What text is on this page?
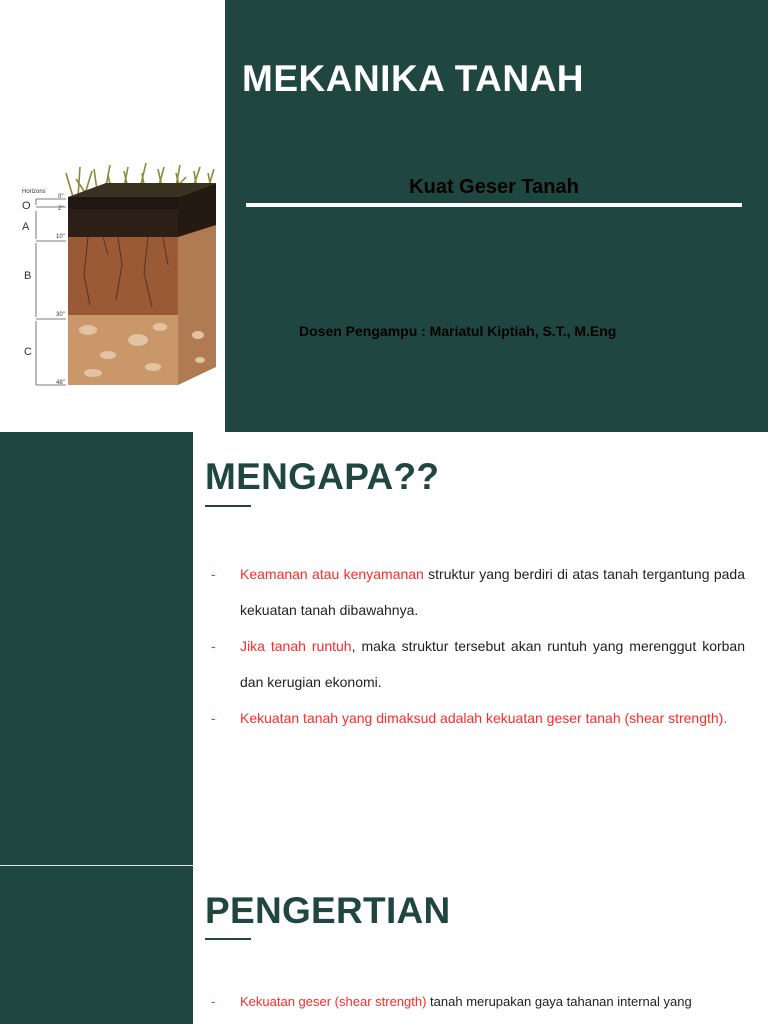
Horizons
O
A
B
C
0"
2"
10"
30"
48"
MEKANIKA TANAH
Kuat Geser Tanah

Dosen Pengampu : Mariatul Kiptiah, S.T., M.Eng

MENGAPA??
- Keamanan atau kenyamanan struktur yang berdiri di atas tanah tergantung pada kekuatan tanah dibawahnya.
- Jika tanah runtuh, maka struktur tersebut akan runtuh yang merenggut korban dan kerugian ekonomi.
- Kekuatan tanah yang dimaksud adalah kekuatan geser tanah (shear strength).
PENGERTIAN
- Kekuatan geser (shear strength) tanah merupakan gaya tahanan internal yang
